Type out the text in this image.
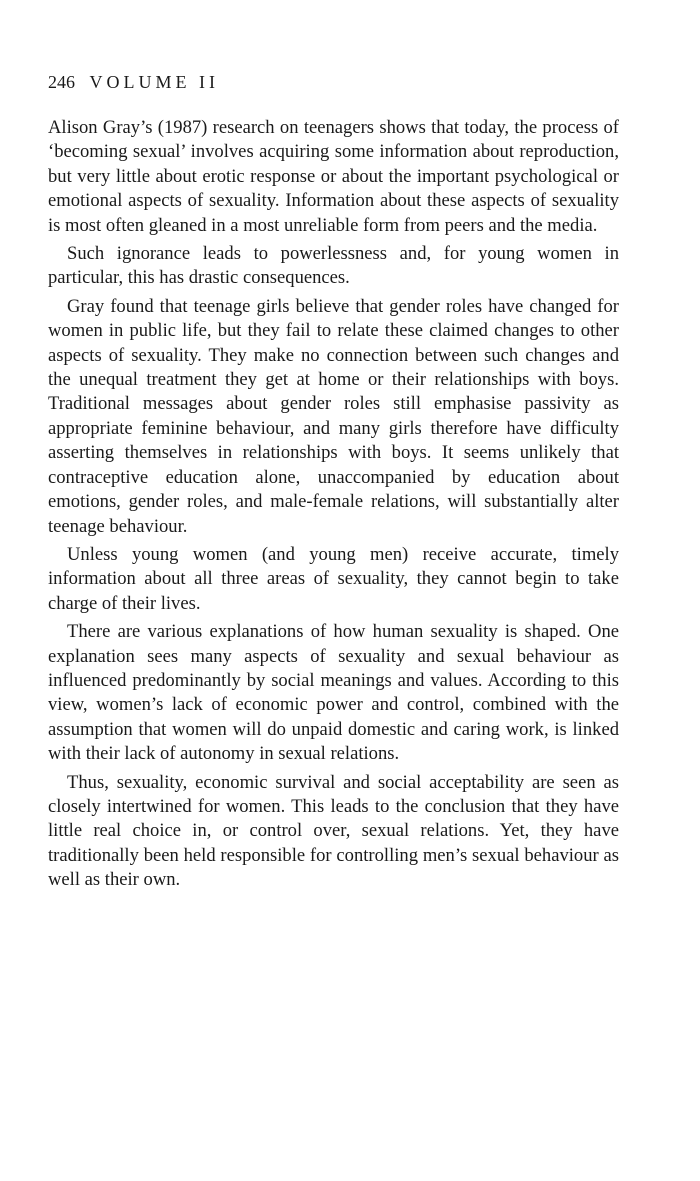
246 VOLUME II

Alison Gray’s (1987) research on teenagers shows that today, the process of ‘becoming sexual’ involves acquiring some information about reproduction, but very little about erotic response or about the important psychological or emotional aspects of sexuality. Information about these aspects of sexuality is most often gleaned in a most unreliable form from peers and the media.

Such ignorance leads to powerlessness and, for young women in particular, this has drastic consequences.

Gray found that teenage girls believe that gender roles have changed for women in public life, but they fail to relate these claimed changes to other aspects of sexuality. They make no connection between such changes and the unequal treatment they get at home or their relationships with boys. Traditional messages about gender roles still emphasise passivity as appropriate feminine behaviour, and many girls therefore have difficulty asserting themselves in relationships with boys. It seems unlikely that contraceptive education alone, unaccompanied by education about emotions, gender roles, and male-female relations, will substantially alter teenage behaviour.

Unless young women (and young men) receive accurate, timely information about all three areas of sexuality, they cannot begin to take charge of their lives.

There are various explanations of how human sexuality is shaped. One explanation sees many aspects of sexuality and sexual behaviour as influenced predominantly by social meanings and values. According to this view, women’s lack of economic power and control, combined with the assumption that women will do unpaid domestic and caring work, is linked with their lack of autonomy in sexual relations.

Thus, sexuality, economic survival and social acceptability are seen as closely intertwined for women. This leads to the conclusion that they have little real choice in, or control over, sexual relations. Yet, they have traditionally been held responsible for controlling men’s sexual behaviour as well as their own.
